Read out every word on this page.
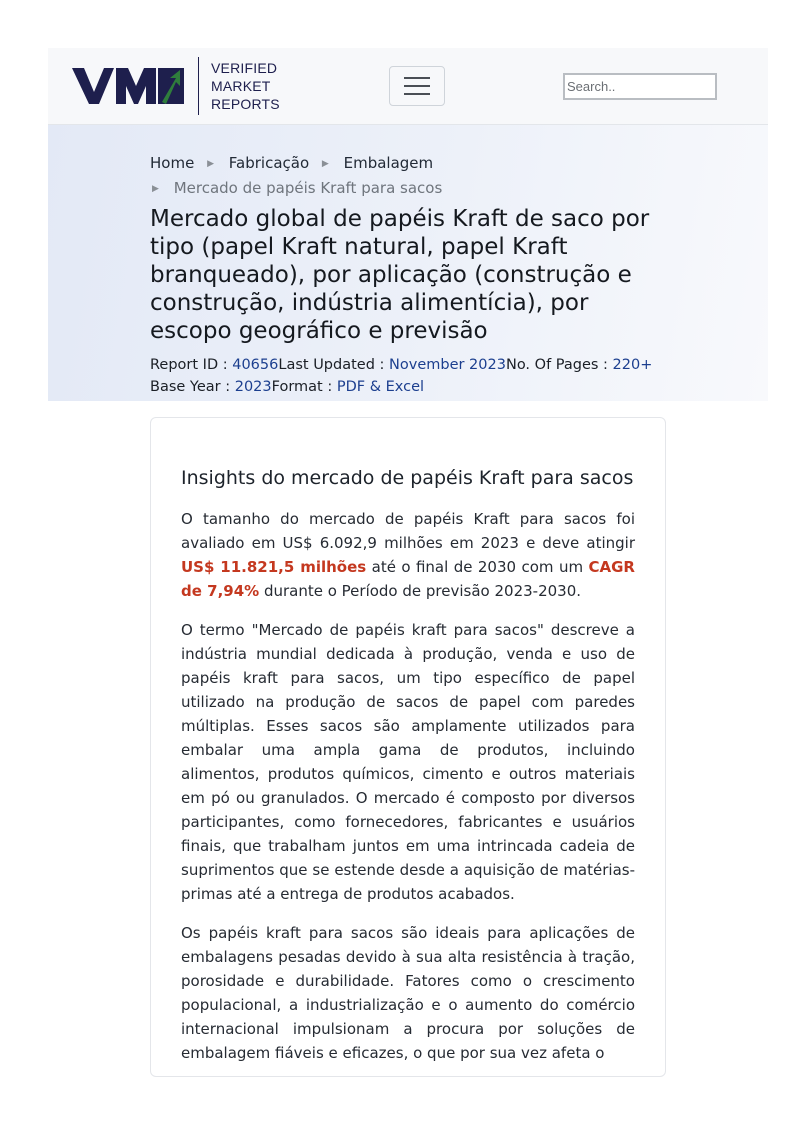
VERIFIED
MARKET
REPORTS
Search..
Home ▶ Fabricação ▶ Embalagem
▶ Mercado de papéis Kraft para sacos
Mercado global de papéis Kraft de saco por tipo (papel Kraft natural, papel Kraft branqueado), por aplicação (construção e construção, indústria alimentícia), por escopo geográfico e previsão
Report ID : 40656Last Updated : November 2023No. Of Pages : 220+
Base Year : 2023Format : PDF & Excel
Insights do mercado de papéis Kraft para sacos

O tamanho do mercado de papéis Kraft para sacos foi avaliado em US$ 6.092,9 milhões em 2023 e deve atingir US$ 11.821,5 milhões até o final de 2030 com um CAGR de 7,94% durante o Período de previsão 2023-2030.

O termo "Mercado de papéis kraft para sacos" descreve a indústria mundial dedicada à produção, venda e uso de papéis kraft para sacos, um tipo específico de papel utilizado na produção de sacos de papel com paredes múltiplas. Esses sacos são amplamente utilizados para embalar uma ampla gama de produtos, incluindo alimentos, produtos químicos, cimento e outros materiais em pó ou granulados. O mercado é composto por diversos participantes, como fornecedores, fabricantes e usuários finais, que trabalham juntos em uma intrincada cadeia de suprimentos que se estende desde a aquisição de matérias-primas até a entrega de produtos acabados.

Os papéis kraft para sacos são ideais para aplicações de embalagens pesadas devido à sua alta resistência à tração, porosidade e durabilidade. Fatores como o crescimento populacional, a industrialização e o aumento do comércio internacional impulsionam a procura por soluções de embalagem fiáveis e eficazes, o que por sua vez afeta o
